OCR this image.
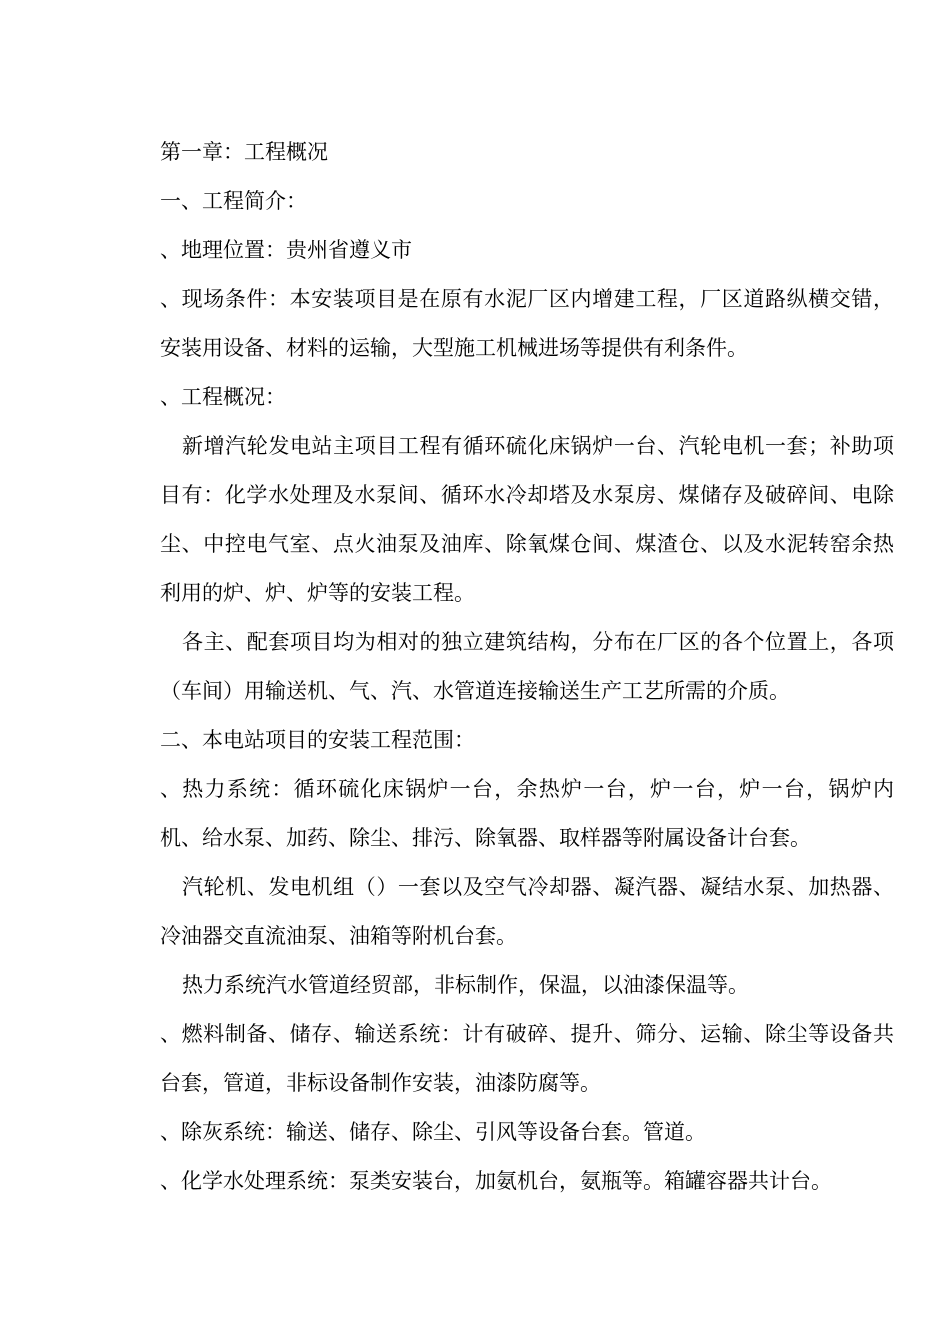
第一章：工程概况

一、工程简介：

、地理位置：贵州省遵义市

、现场条件：本安装项目是在原有水泥厂区内增建工程，厂区道路纵横交错，安装用设备、材料的运输，大型施工机械进场等提供有利条件。

、工程概况：

新增汽轮发电站主项目工程有循环硫化床锅炉一台、汽轮电机一套；补助项目有：化学水处理及水泵间、循环水冷却塔及水泵房、煤储存及破碎间、电除尘、中控电气室、点火油泵及油库、除氧煤仓间、煤渣仓、以及水泥转窑余热利用的炉、炉、炉等的安装工程。

各主、配套项目均为相对的独立建筑结构，分布在厂区的各个位置上，各项（车间）用输送机、气、汽、水管道连接输送生产工艺所需的介质。

二、本电站项目的安装工程范围：

、热力系统：循环硫化床锅炉一台，余热炉一台，炉一台，炉一台，锅炉内机、给水泵、加药、除尘、排污、除氧器、取样器等附属设备计台套。

汽轮机、发电机组（）一套以及空气冷却器、凝汽器、凝结水泵、加热器、冷油器交直流油泵、油箱等附机台套。

热力系统汽水管道经贸部，非标制作，保温，以油漆保温等。

、燃料制备、储存、输送系统：计有破碎、提升、筛分、运输、除尘等设备共台套，管道，非标设备制作安装，油漆防腐等。

、除灰系统：输送、储存、除尘、引风等设备台套。管道。

、化学水处理系统：泵类安装台，加氨机台，氨瓶等。箱罐容器共计台。
